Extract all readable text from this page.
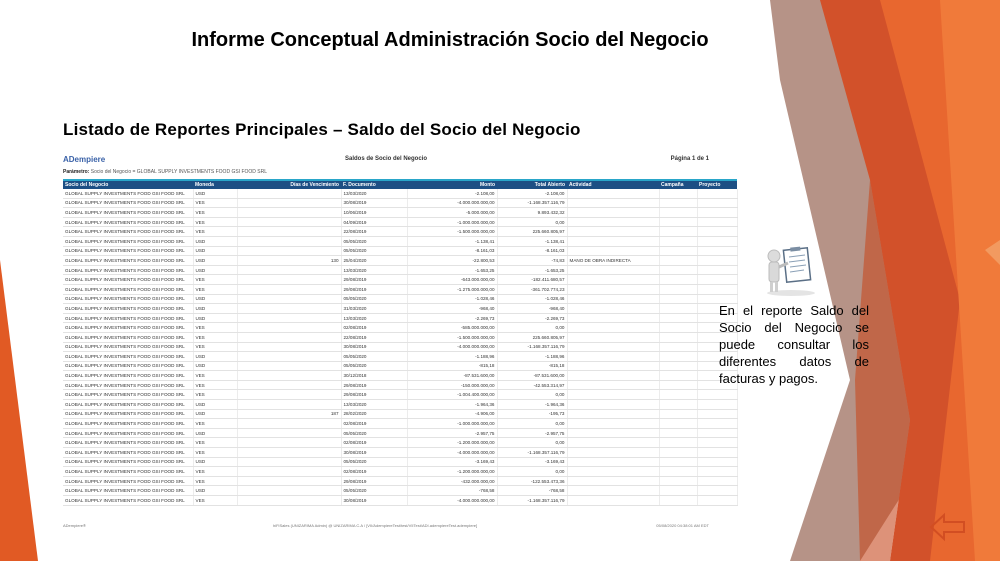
Informe Conceptual Administración Socio del Negocio
Listado de Reportes Principales – Saldo del Socio del Negocio
ADempiere	Saldos de Socio del Negocio	Página 1 de 1
Parámetro: Socio del Negocio = GLOBAL SUPPLY INVESTMENTS FOOD GSI FOOD SRL
Socio del Negocio	Moneda	Días de Vencimiento	F. Documento	Monto	Total Abierto	Actividad	Campaña	Proyecto
GLOBAL SUPPLY INVESTMENTS FOOD GSI FOOD SRL	USD		13/03/2020	-2.108,00	-2.108,00			
GLOBAL SUPPLY INVESTMENTS FOOD GSI FOOD SRL	VES		30/08/2019	-4.000.000.000,00	-1.168.357.116,79			
GLOBAL SUPPLY INVESTMENTS FOOD GSI FOOD SRL	VES		10/06/2019	-5.000.000,00	9.893.432,32			
GLOBAL SUPPLY INVESTMENTS FOOD GSI FOOD SRL	VES		04/09/2019	-1.000.000.000,00	0,00			
GLOBAL SUPPLY INVESTMENTS FOOD GSI FOOD SRL	VES		22/08/2019	-1.500.000.000,00	225.660.805,97			
GLOBAL SUPPLY INVESTMENTS FOOD GSI FOOD SRL	USD		05/05/2020	-1.138,41	-1.138,41			
GLOBAL SUPPLY INVESTMENTS FOOD GSI FOOD SRL	USD		05/05/2020	-8.161,03	-8.161,03			
GLOBAL SUPPLY INVESTMENTS FOOD GSI FOOD SRL	USD	130	25/04/2020	-22.800,53	-74,83	MANO DE OBRA INDIRECTA		
GLOBAL SUPPLY INVESTMENTS FOOD GSI FOOD SRL	USD		13/03/2020	-1.653,25	-1.653,25			
GLOBAL SUPPLY INVESTMENTS FOOD GSI FOOD SRL	VES		29/08/2019	-643.000.000,00	-182.411.680,57			
GLOBAL SUPPLY INVESTMENTS FOOD GSI FOOD SRL	VES		29/08/2019	-1.275.000.000,00	-361.702.774,23			
GLOBAL SUPPLY INVESTMENTS FOOD GSI FOOD SRL	USD		05/05/2020	-1.028,46	-1.028,46			
GLOBAL SUPPLY INVESTMENTS FOOD GSI FOOD SRL	USD		31/03/2020	-968,40	-968,40			
GLOBAL SUPPLY INVESTMENTS FOOD GSI FOOD SRL	USD		13/03/2020	-2.269,73	-2.269,73			
GLOBAL SUPPLY INVESTMENTS FOOD GSI FOOD SRL	VES		02/08/2019	-585.000.000,00	0,00			
GLOBAL SUPPLY INVESTMENTS FOOD GSI FOOD SRL	VES		22/08/2019	-1.500.000.000,00	225.660.805,97			
GLOBAL SUPPLY INVESTMENTS FOOD GSI FOOD SRL	VES		30/08/2019	-4.000.000.000,00	-1.168.357.116,79			
GLOBAL SUPPLY INVESTMENTS FOOD GSI FOOD SRL	USD		05/05/2020	-1.188,96	-1.188,96			
GLOBAL SUPPLY INVESTMENTS FOOD GSI FOOD SRL	USD		05/05/2020	-815,18	-815,18			
GLOBAL SUPPLY INVESTMENTS FOOD GSI FOOD SRL	VES		30/12/2018	-87.531.600,00	-87.531.600,00			
GLOBAL SUPPLY INVESTMENTS FOOD GSI FOOD SRL	VES		29/08/2019	-150.000.000,00	-42.553.314,97			
GLOBAL SUPPLY INVESTMENTS FOOD GSI FOOD SRL	VES		29/08/2019	-1.004.400.000,00	0,00			
GLOBAL SUPPLY INVESTMENTS FOOD GSI FOOD SRL	USD		13/03/2020	-1.964,36	-1.964,36			
GLOBAL SUPPLY INVESTMENTS FOOD GSI FOOD SRL	USD	187	28/02/2020	-4.906,00	-195,73			
GLOBAL SUPPLY INVESTMENTS FOOD GSI FOOD SRL	VES		02/08/2019	-1.000.000.000,00	0,00			
GLOBAL SUPPLY INVESTMENTS FOOD GSI FOOD SRL	USD		05/05/2020	-2.957,75	-2.957,75			
GLOBAL SUPPLY INVESTMENTS FOOD GSI FOOD SRL	VES		02/08/2019	-1.200.000.000,00	0,00			
GLOBAL SUPPLY INVESTMENTS FOOD GSI FOOD SRL	VES		30/08/2019	-4.000.000.000,00	-1.168.357.116,79			
GLOBAL SUPPLY INVESTMENTS FOOD GSI FOOD SRL	USD		05/05/2020	-3.169,43	-3.169,43			
GLOBAL SUPPLY INVESTMENTS FOOD GSI FOOD SRL	VES		02/08/2019	-1.200.000.000,00	0,00			
GLOBAL SUPPLY INVESTMENTS FOOD GSI FOOD SRL	VES		29/08/2019	-432.000.000,00	-122.553.473,36			
GLOBAL SUPPLY INVESTMENTS FOOD GSI FOOD SRL	USD		05/05/2020	-768,58	-768,58			
GLOBAL SUPPLY INVESTMENTS FOOD GSI FOOD SRL	VES		30/08/2019	-4.000.000.000,00	-1.168.357.116,79			
ADempiere®	hiFiSales (UNIZARIMA Admin) @ UNIZARIMA C.A / [VII/AdempiereTest/test/VIITest/ADI.adempiereTest.adempiere]	05/08/2020 04:38:01 AM EDT
En el reporte Saldo del Socio del Negocio se puede consultar los diferentes datos de facturas y pagos.
